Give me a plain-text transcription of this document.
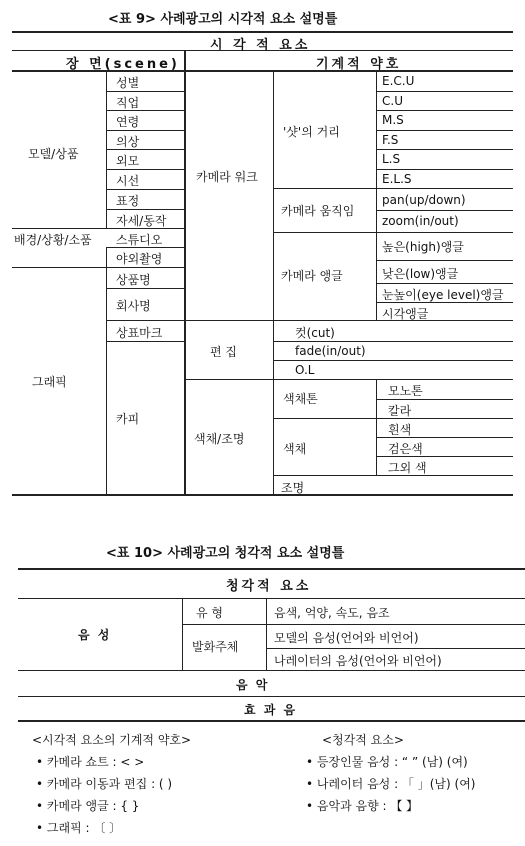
<표 9> 사례광고의 시각적 요소 설명틀
시 각 적 요소
장 면(scene)	기계적 약호
모델/상품
배경/상황/소품
그래픽
성별
직업
연령
의상
외모
시선
표정
자세/동작
스튜디오
야외촬영
상품명
회사명
상표마크
카피
카메라 워크
편 집
색채/조명
'샷'의 거리
카메라 움직임
카메라 앵글
색채톤
색채
조명
E.C.U
C.U
M.S
F.S
L.S
E.L.S
pan(up/down)
zoom(in/out)
높은(high)앵글
낮은(low)앵글
눈높이(eye level)앵글
시각앵글
컷(cut)
fade(in/out)
O.L
모노톤
칼라
흰색
검은색
그외 색
<표 10> 사례광고의 청각적 요소 설명틀
청각적 요소
음 성
유 형	음색, 억양, 속도, 음조
발화주체
모델의 음성(언어와 비언어)
나레이터의 음성(언어와 비언어)
음 악
효 과 음
<시각적 요소의 기계적 약호>
• 카메라 쇼트 : < >
• 카메라 이동과 편집 : ( )
• 카메라 앵글 : { }
• 그래픽 : 〔 〕
<청각적 요소>
• 등장인물 음성 : “ ” (남) (여)
• 나레이터 음성 : 「 」(남) (여)
• 음악과 음향 : 【 】
